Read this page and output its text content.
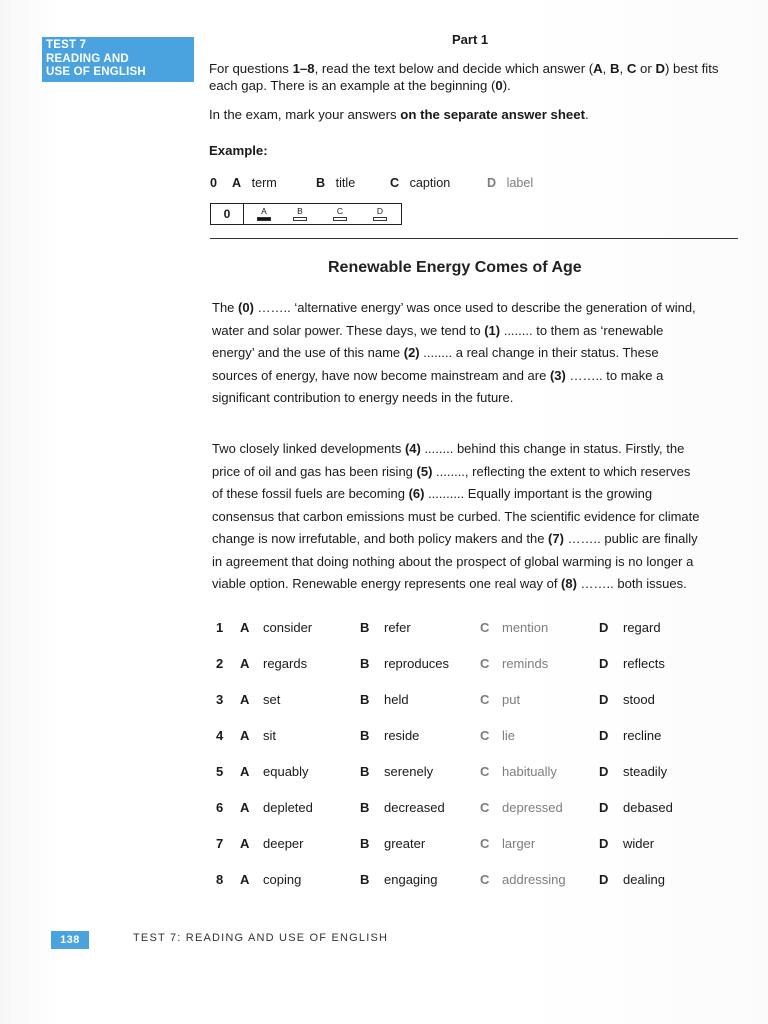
TEST 7
READING AND
USE OF ENGLISH
Part 1
For questions 1–8, read the text below and decide which answer (A, B, C or D) best fits each gap. There is an example at the beginning (0).
In the exam, mark your answers on the separate answer sheet.
Example:
0 A term	B title	C caption	D label
0	A	B	C	D
Renewable Energy Comes of Age
The (0) …….. ‘alternative energy’ was once used to describe the generation of wind,
water and solar power. These days, we tend to (1) ........ to them as ‘renewable
energy’ and the use of this name (2) ........ a real change in their status. These
sources of energy, have now become mainstream and are (3) …….. to make a
significant contribution to energy needs in the future.
Two closely linked developments (4) ........ behind this change in status. Firstly, the
price of oil and gas has been rising (5) ........, reflecting the extent to which reserves
of these fossil fuels are becoming (6) .......... Equally important is the growing
consensus that carbon emissions must be curbed. The scientific evidence for climate
change is now irrefutable, and both policy makers and the (7) …….. public are finally
in agreement that doing nothing about the prospect of global warming is no longer a
viable option. Renewable energy represents one real way of (8) …….. both issues.
1 A consider	B refer	C mention	D regard
2 A regards	B reproduces C reminds	D reflects
3 A set	B held	C put	D stood
4 A sit	B reside	C lie	D recline
5 A equably	B serenely	C habitually	D steadily
6 A depleted	B decreased	C depressed	D debased
7 A deeper	B greater	C larger	D wider
8 A coping	B engaging	C addressing	D dealing
138	TEST 7: READING AND USE OF ENGLISH
